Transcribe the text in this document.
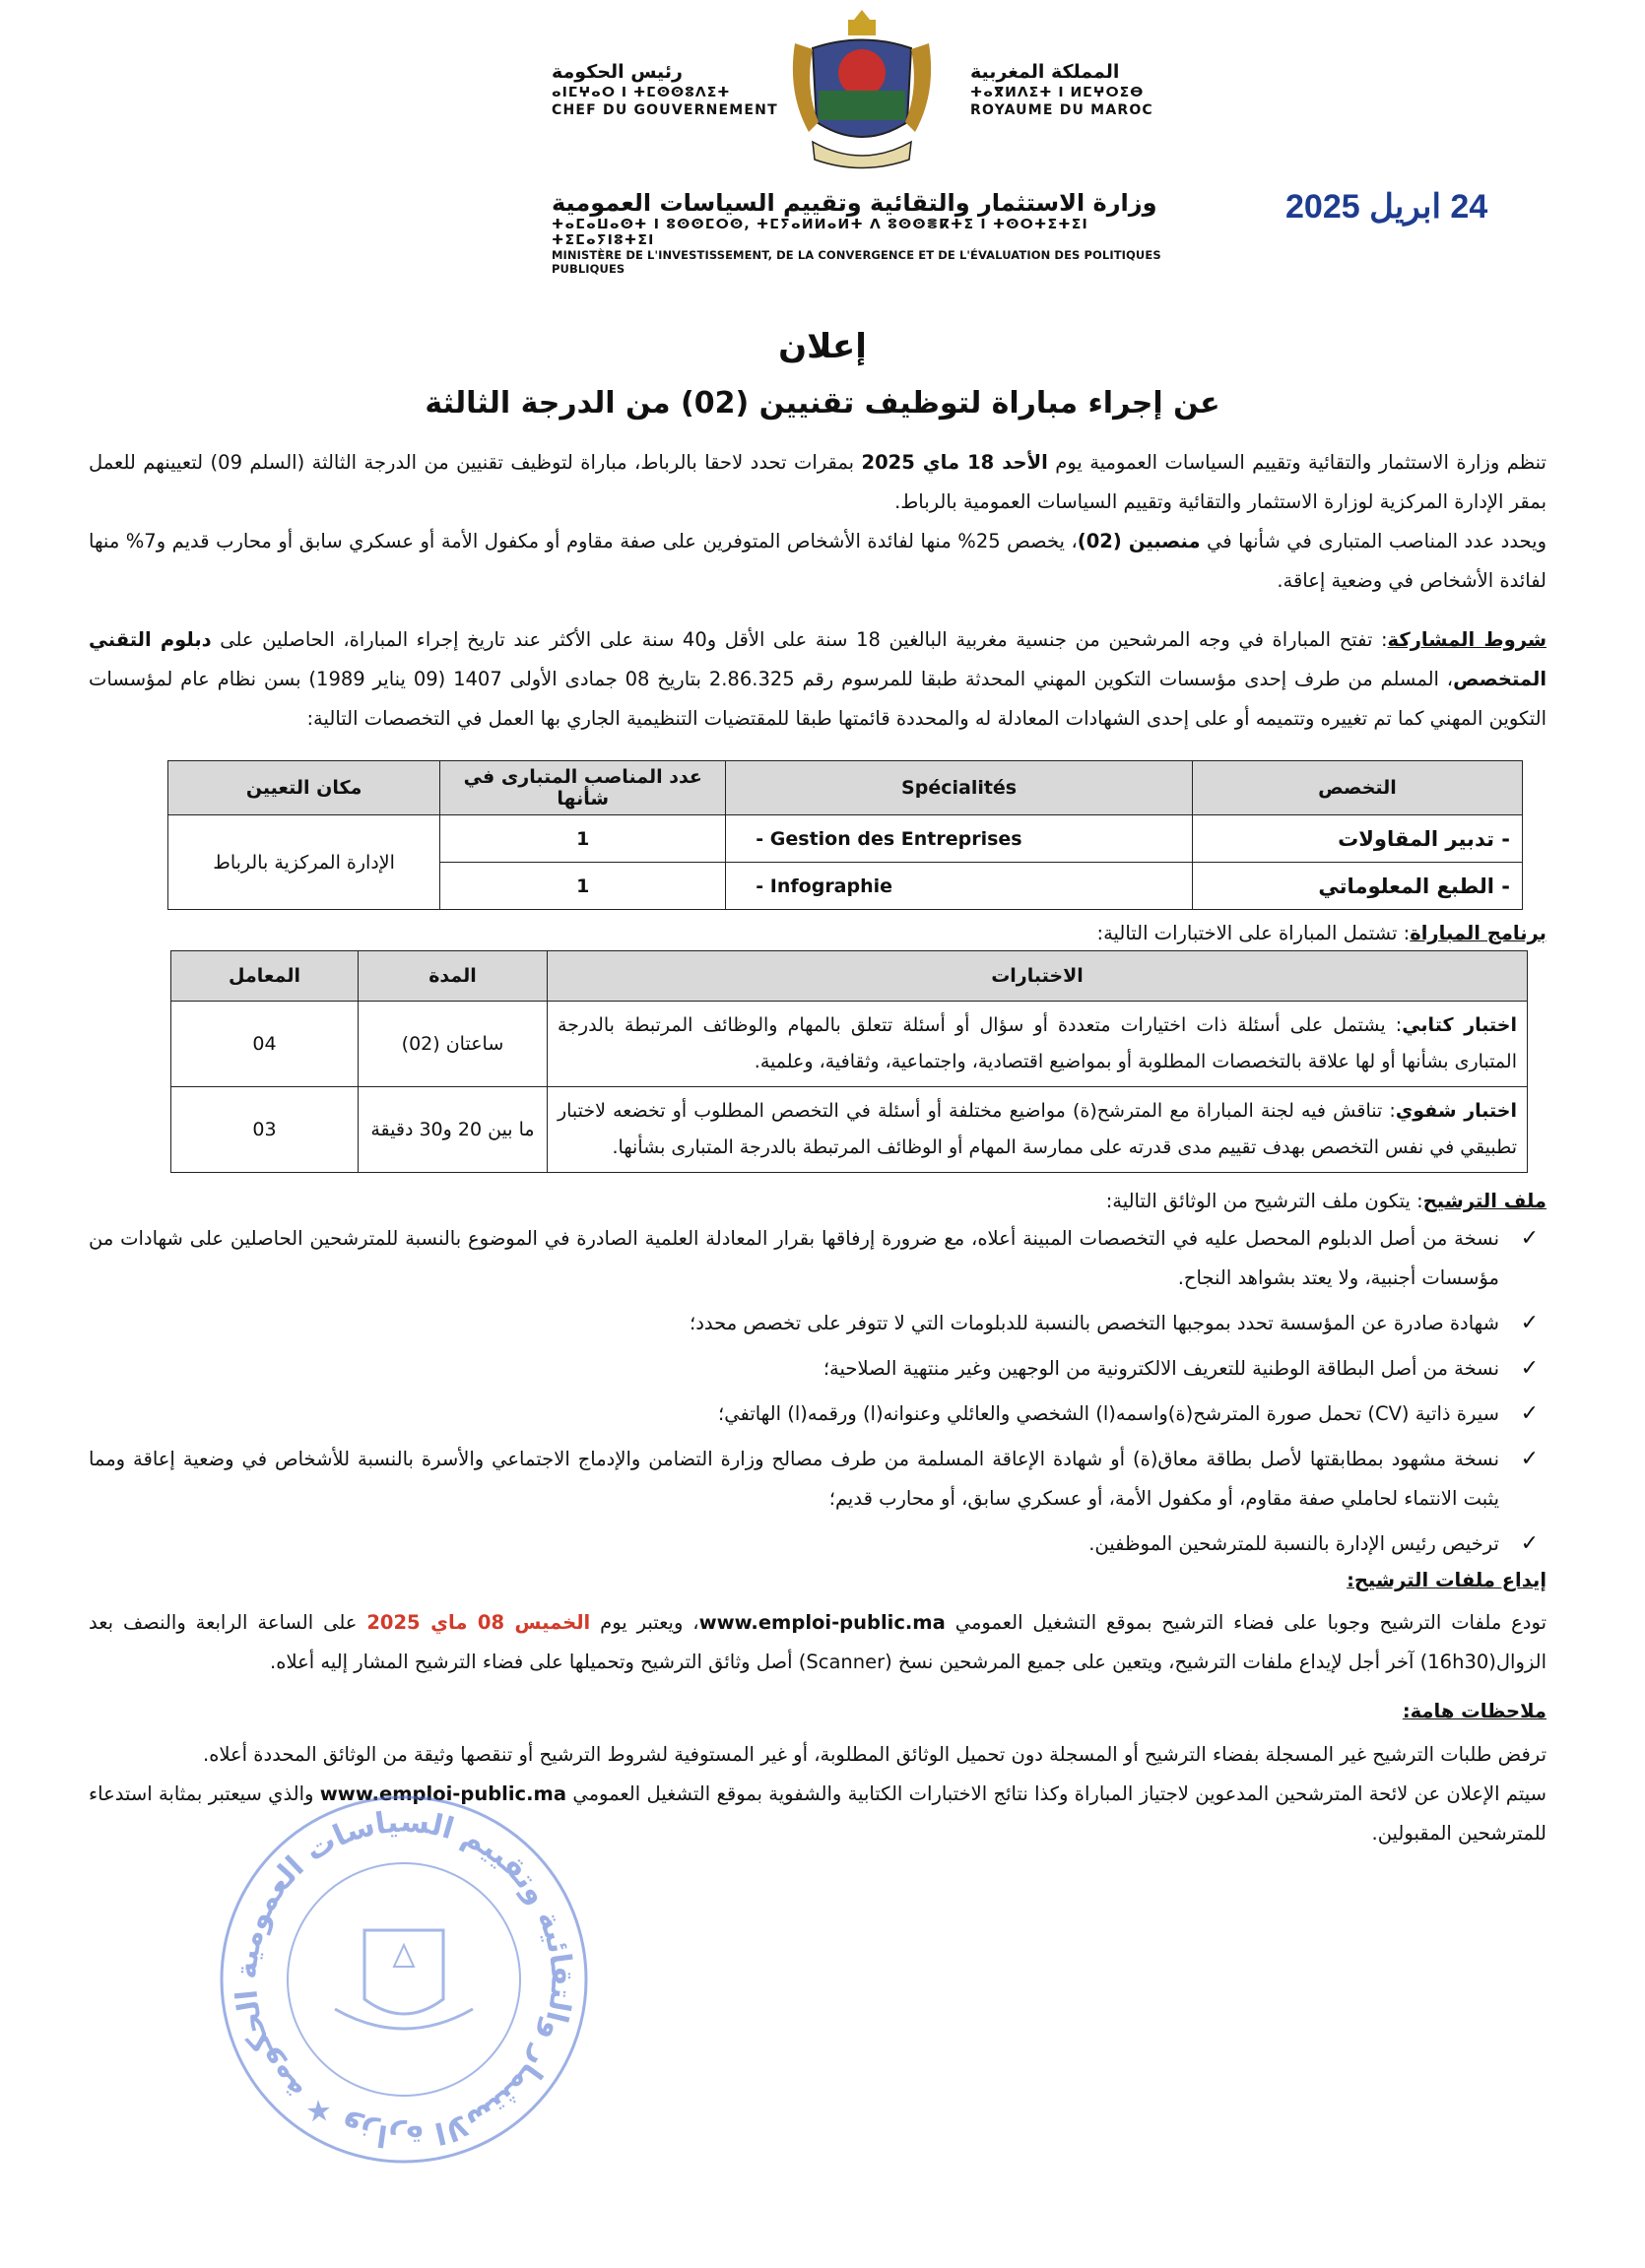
رئيس الحكومة
ⴰⵏⵎⵖⴰⵔ ⵏ ⵜⵎⵙⵙⵓⴷⵉⵜ
CHEF DU GOUVERNEMENT
المملكة المغربية
ⵜⴰⴳⵍⴷⵉⵜ ⵏ ⵍⵎⵖⵔⵉⴱ
ROYAUME DU MAROC
وزارة الاستثمار والتقائية وتقييم السياسات العمومية
ⵜⴰⵎⴰⵡⴰⵙⵜ ⵏ ⵓⵙⵙⵎⵔⵙ, ⵜⵎⵢⴰⵍⵍⴰⵍⵜ ⴷ ⵓⵙⵙⴻⴽⵜⵉ ⵏ ⵜⵙⵔⵜⵉⵜⵉⵏ ⵜⵉⵎⴰⵢⵏⵓⵜⵉⵏ
MINISTÈRE DE L'INVESTISSEMENT, DE LA CONVERGENCE ET DE L'ÉVALUATION DES POLITIQUES PUBLIQUES
24 ابريل 2025
إعلان
عن إجراء مباراة لتوظيف تقنيين (02) من الدرجة الثالثة
تنظم وزارة الاستثمار والتقائية وتقييم السياسات العمومية يوم الأحد 18 ماي 2025 بمقرات تحدد لاحقا بالرباط، مباراة لتوظيف تقنيين من الدرجة الثالثة (السلم 09) لتعيينهم للعمل بمقر الإدارة المركزية لوزارة الاستثمار والتقائية وتقييم السياسات العمومية بالرباط.
ويحدد عدد المناصب المتبارى في شأنها في منصبين (02)، يخصص 25% منها لفائدة الأشخاص المتوفرين على صفة مقاوم أو مكفول الأمة أو عسكري سابق أو محارب قديم و7% منها لفائدة الأشخاص في وضعية إعاقة.
شروط المشاركة: تفتح المباراة في وجه المرشحين من جنسية مغربية البالغين 18 سنة على الأقل و40 سنة على الأكثر عند تاريخ إجراء المباراة، الحاصلين على دبلوم التقني المتخصص، المسلم من طرف إحدى مؤسسات التكوين المهني المحدثة طبقا للمرسوم رقم 2.86.325 بتاريخ 08 جمادى الأولى 1407 (09 يناير 1989) بسن نظام عام لمؤسسات التكوين المهني كما تم تغييره وتتميمه أو على إحدى الشهادات المعادلة له والمحددة قائمتها طبقا للمقتضيات التنظيمية الجاري بها العمل في التخصصات التالية:
التخصص	Spécialités	عدد المناصب المتبارى في شأنها	مكان التعيين
- تدبير المقاولات	- Gestion des Entreprises	1	الإدارة المركزية بالرباط
- الطبع المعلوماتي	- Infographie	1	
برنامج المباراة: تشتمل المباراة على الاختبارات التالية:
الاختبارات	المدة	المعامل
اختبار كتابي: يشتمل على أسئلة ذات اختيارات متعددة أو سؤال أو أسئلة تتعلق بالمهام والوظائف المرتبطة بالدرجة المتبارى بشأنها أو لها علاقة بالتخصصات المطلوبة أو بمواضيع اقتصادية، واجتماعية، وثقافية، وعلمية.	ساعتان (02)	04
اختبار شفوي: تناقش فيه لجنة المباراة مع المترشح(ة) مواضيع مختلفة أو أسئلة في التخصص المطلوب أو تخضعه لاختبار تطبيقي في نفس التخصص بهدف تقييم مدى قدرته على ممارسة المهام أو الوظائف المرتبطة بالدرجة المتبارى بشأنها.	ما بين 20 و30 دقيقة	03
ملف الترشيح: يتكون ملف الترشيح من الوثائق التالية:
✓
نسخة من أصل الدبلوم المحصل عليه في التخصصات المبينة أعلاه، مع ضرورة إرفاقها بقرار المعادلة العلمية الصادرة في الموضوع بالنسبة للمترشحين الحاصلين على شهادات من مؤسسات أجنبية، ولا يعتد بشواهد النجاح.
✓
شهادة صادرة عن المؤسسة تحدد بموجبها التخصص بالنسبة للدبلومات التي لا تتوفر على تخصص محدد؛
✓
نسخة من أصل البطاقة الوطنية للتعريف الالكترونية من الوجهين وغير منتهية الصلاحية؛
✓
سيرة ذاتية (CV) تحمل صورة المترشح(ة)واسمه(ا) الشخصي والعائلي وعنوانه(ا) ورقمه(ا) الهاتفي؛
✓
نسخة مشهود بمطابقتها لأصل بطاقة معاق(ة) أو شهادة الإعاقة المسلمة من طرف مصالح وزارة التضامن والإدماج الاجتماعي والأسرة بالنسبة للأشخاص في وضعية إعاقة ومما يثبت الانتماء لحاملي صفة مقاوم، أو مكفول الأمة، أو عسكري سابق، أو محارب قديم؛
✓
ترخيص رئيس الإدارة بالنسبة للمترشحين الموظفين.
إيداع ملفات الترشيح:
تودع ملفات الترشيح وجوبا على فضاء الترشيح بموقع التشغيل العمومي www.emploi-public.ma، ويعتبر يوم الخميس 08 ماي 2025 على الساعة الرابعة والنصف بعد الزوال(16h30) آخر أجل لإيداع ملفات الترشيح، ويتعين على جميع المرشحين نسخ (Scanner) أصل وثائق الترشيح وتحميلها على فضاء الترشيح المشار إليه أعلاه.
ملاحظات هامة:
ترفض طلبات الترشيح غير المسجلة بفضاء الترشيح أو المسجلة دون تحميل الوثائق المطلوبة، أو غير المستوفية لشروط الترشيح أو تنقصها وثيقة من الوثائق المحددة أعلاه.
سيتم الإعلان عن لائحة المترشحين المدعوين لاجتياز المباراة وكذا نتائج الاختبارات الكتابية والشفوية بموقع التشغيل العمومي www.emploi-public.ma والذي سيعتبر بمثابة استدعاء للمترشحين المقبولين.
الحكومة ★ وزارة الاستثمار والتقائية وتقييم السياسات العمومية
